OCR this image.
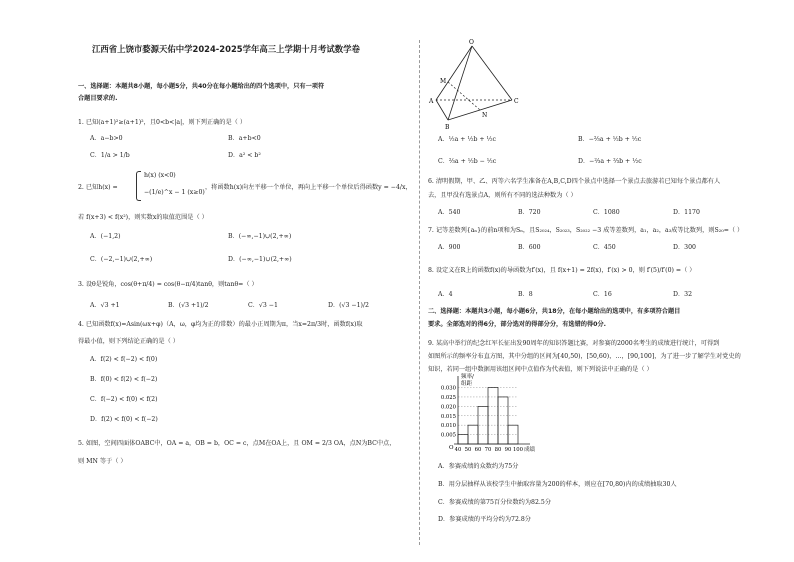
江西省上饶市婺源天佑中学2024-2025学年高三上学期十月考试数学卷
一、选择题：本题共8小题，每小题5分，共40分在每小题给出的四个选项中，只有一项符
合题目要求的.
1. 已知(a+1)²≥(a+1)²，且0<b<|a|，则下列正确的是（ ）
A．a−b>0	B．a+b<0
C．1/a > 1/b	D．a² < b²
2. 已知h(x) =
h(x) (x<0)
−(1/e)^x − 1 (x≥0)
，将函数h(x)向左平移一个单位，再向上平移一个单位后得函数y = −4/x，
若 f(x+3) < f(x²)，则实数x的取值范围是（ ）
A．(−1,2)	B．(−∞,−1)∪(2,+∞)
C．(−2,−1)∪(2,+∞)	D．(−∞,−1)∪(2,+∞)
3. 设θ是锐角，cos(θ+π/4) = cos(θ−π/4)tanθ，则tanθ=（ ）
A．√3 +1	B．(√3 +1)/2	C．√3 −1	D．(√3 −1)/2
4. 已知函数f(x)=Asin(ωx+φ)（A，ω，φ均为正的常数）的最小正周期为π，当x=2π/3时，函数f(x)取
得最小值，则下列结论正确的是（ ）
A．f(2) < f(−2) < f(0)
B．f(0) < f(2) < f(−2)
C．f(−2) < f(0) < f(2)
D．f(2) < f(0) < f(−2)
5. 如图，空间四面体OABC中，OA = a，OB = b，OC = c，点M在OA上，且 OM = 2/3 OA，点N为BC中点，
则 MN 等于（ ）
O
M
A
B
C
N
A．½a + ½b + ½c	B．−⅔a + ½b + ½c
C．⅔a + ½b − ½c	D．−⅔a + ⅔b + ½c
6. 清明假期，甲、乙、丙等六名学生准备在A,B,C,D四个景点中选择一个景点去旅游若已知每个景点都有人
去，且甲没有选景点A，则所有不同的选法种数为（ ）
A．540	B．720	C．1080	D．1170
7. 记等差数列{aₙ}的前n项和为Sₙ，且S₂₀₂₄，S₂₀₂₃，S₂₀₂₂ −3 成等差数列，a₁，a₂，a₃成等比数列，则S₂₀=（ ）
A．900	B．600	C．450	D．300
8. 设定义在R上的函数f(x)的导函数为f′(x)，且 f(x+1) = 2f(x)，f′(x) > 0，则 f′(5)/f′(0) =（ ）
A．4	B．8	C．16	D．32
二、选择题：本题共3小题，每小题6分，共18分，在每小题给出的选项中，有多项符合题目
要求。全部选对的得6分，部分选对的得部分分，有选错的得0分.
9. 某高中举行的纪念红军长征出发90周年的知识答题比赛，对参赛的2000名考生的成绩进行统计，可得到
如图所示的频率分布直方图，其中分组的区间为[40,50)，[50,60)，…，[90,100]，为了进一步了解学生对党史的
知识，若同一组中数据用该组区间中点值作为代表值，则下列说法中正确的是（ ）
0.030
0.025
0.020
0.015
0.010
0.005
40 50 60 70 80 90 100
频率/
组距
成绩
O
A．参赛成绩的众数约为75分
B．用分层抽样从该校学生中抽取容量为200的样本，则应在[70,80)内的成绩抽取30人
C．参赛成绩的第75百分位数约为82.5分
D．参赛成绩的平均分约为72.8分
